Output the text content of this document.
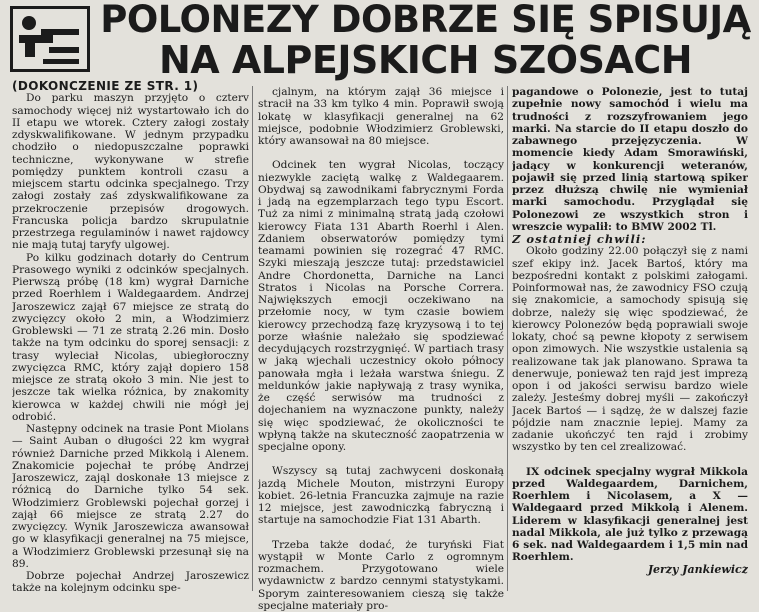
POLONEZY DOBRZE SIĘ SPISUJĄ
NA ALPEJSKICH SZOSACH

(DOKOŃCZENIE ZE STR. 1)

Do parku maszyn przyjęto o czterv samochody więcej niż wystartowało ich do II etapu we wtorek. Cztery załogi zostały zdyskwalifikowane. W jednym przypadku chodziło o niedopuszczalne poprawki techniczne, wykonywane w strefie pomiędzy punktem kontroli czasu a miejscem startu odcinka specjalnego. Trzy załogi zostały zaś zdyskwalifikowane za przekroczenie przepisów drogowych. Francuska policja bardzo skrupulatnie przestrzega regulaminów i nawet rajdowcy nie mają tutaj taryfy ulgowej.

Po kilku godzinach dotarły do Centrum Prasowego wyniki z odcinków specjalnych. Pierwszą próbę (18 km) wygrał Darniche przed Roerhlem i Waldegaardem. Andrzej Jaroszewicz zajął 67 miejsce ze stratą do zwycięzcy około 2 min, a Włodzimierz Groblewski — 71 ze stratą 2.26 min. Dosło także na tym odcinku do sporej sensacji: z trasy wyleciał Nicolas, ubiegłoroczny zwycięzca RMC, który zajął dopiero 158 miejsce ze stratą około 3 min. Nie jest to jeszcze tak wielka różnica, by znakomity kierowca w każdej chwili nie mógł jej odrobić.

Następny odcinek na trasie Pont Miolans — Saint Auban o długości 22 km wygrał również Darniche przed Mikkolą i Alenem. Znakomicie pojechał te próbę Andrzej Jaroszewicz, zająl doskonałe 13 miejsce z różnicą do Darniche tylko 54 sek. Włodzimierz Groblewski pojechał gorzej i zajął 66 miejsce ze stratą 2.27 do zwycięzcy. Wynik Jaroszewicza awansował go w klasyfikacji generalnej na 75 miejsce, a Włodzimierz Groblewski przesunął się na 89.

Dobrze pojechał Andrzej Jaroszewicz także na kolejnym odcinku spe-

cjalnym, na którym zajął 36 miejsce i stracił na 33 km tylko 4 min. Poprawił swoją lokatę w klasyfikacji generalnej na 62 miejsce, podobnie Włodzimierz Groblewski, który awansował na 80 miejsce.

Odcinek ten wygrał Nicolas, toczący niezwykle zaciętą walkę z Waldegaarem. Obydwaj są zawodnikami fabrycznymi Forda i jadą na egzemplarzach tego typu Escort. Tuż za nimi z minimalną stratą jadą czołowi kierowcy Fiata 131 Abarth Roerhl i Alen. Zdaniem obserwatorów pomiędzy tymi teamami powinien się rozegrać 47 RMC. Szyki mieszają jeszcze tutaj: przedstawiciel Andre Chordonetta, Darniche na Lanci Stratos i Nicolas na Porsche Correra. Największych emocji oczekiwano na przełomie nocy, w tym czasie bowiem kierowcy przechodzą fazę kryzysową i to tej porze właśnie należało się spodziewać decydujących rozstrzygnięć. W partiach trasy w jaką wjechali uczestnicy około północy panowała mgła i leżała warstwa śniegu. Z meldunków jakie napływają z trasy wynika, że część serwisów ma trudności z dojechaniem na wyznaczone punkty, należy się więc spodziewać, że okoliczności te wpłyną także na skuteczność zaopatrzenia w specjalne opony.

Wszyscy są tutaj zachwyceni doskonałą jazdą Michele Mouton, mistrzyni Europy kobiet. 26-letnia Francuzka zajmuje na razie 12 miejsce, jest zawodniczką fabryczną i startuje na samochodzie Fiat 131 Abarth.

Trzeba także dodać, że turyński Fiat wystąpił w Monte Carlo z ogromnym rozmachem. Przygotowano wiele wydawnictw z bardzo cennymi statystykami. Sporym zainteresowaniem cieszą się także specjalne materiały pro-

pagandowe o Polonezie, jest to tutaj zupełnie nowy samochód i wielu ma trudności z rozszyfrowaniem jego marki. Na starcie do II etapu doszło do zabawnego przejęzyczenia. W momencie kiedy Adam Smorawiński, jadący w konkurencji weteranów, pojawił się przed linią startową spiker przez dłuższą chwilę nie wymieniał marki samochodu. Przyglądał się Polonezowi ze wszystkich stron i wreszcie wypalił: to BMW 2002 Tl.

Z ostatniej chwili:

Około godziny 22.00 połączył się z nami szef ekipy inż. Jacek Bartoś, który ma bezpośredni kontakt z polskimi załogami. Poinformował nas, że zawodnicy FSO czują się znakomicie, a samochody spisują się dobrze, należy się więc spodziewać, że kierowcy Polonezów będą poprawiali swoje lokaty, choć są pewne kłopoty z serwisem opon zimowych. Nie wszystkie ustalenia są realizowane tak jak planowano. Sprawa ta denerwuje, ponieważ ten rajd jest imprezą opon i od jakości serwisu bardzo wiele zależy. Jesteśmy dobrej myśli — zakończył Jacek Bartoś — i sądzę, że w dalszej fazie pójdzie nam znacznie lepiej. Mamy za zadanie ukończyć ten rajd i zrobimy wszystko by ten cel zrealizować.

IX odcinek specjalny wygrał Mikkola przed Waldegaardem, Darnichem, Roerhlem i Nicolasem, a X — Waldegaard przed Mikkolą i Alenem. Liderem w klasyfikacji generalnej jest nadal Mikkola, ale już tylko z przewagą 6 sek. nad Waldegaardem i 1,5 min nad Roerhlem.

Jerzy Jankiewicz
